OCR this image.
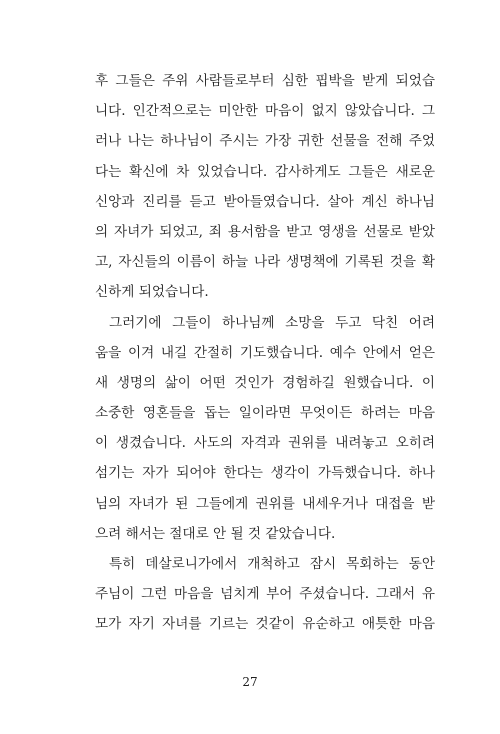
후 그들은 주위 사람들로부터 심한 핍박을 받게 되었습
니다. 인간적으로는 미안한 마음이 없지 않았습니다. 그
러나 나는 하나님이 주시는 가장 귀한 선물을 전해 주었
다는 확신에 차 있었습니다. 감사하게도 그들은 새로운
신앙과 진리를 듣고 받아들였습니다. 살아 계신 하나님
의 자녀가 되었고, 죄 용서함을 받고 영생을 선물로 받았
고, 자신들의 이름이 하늘 나라 생명책에 기록된 것을 확
신하게 되었습니다.
그러기에 그들이 하나님께 소망을 두고 닥친 어려
움을 이겨 내길 간절히 기도했습니다. 예수 안에서 얻은
새 생명의 삶이 어떤 것인가 경험하길 원했습니다. 이
소중한 영혼들을 돕는 일이라면 무엇이든 하려는 마음
이 생겼습니다. 사도의 자격과 권위를 내려놓고 오히려
섬기는 자가 되어야 한다는 생각이 가득했습니다. 하나
님의 자녀가 된 그들에게 권위를 내세우거나 대접을 받
으려 해서는 절대로 안 될 것 같았습니다.
특히 데살로니가에서 개척하고 잠시 목회하는 동안
주님이 그런 마음을 넘치게 부어 주셨습니다. 그래서 유
모가 자기 자녀를 기르는 것같이 유순하고 애틋한 마음
27
